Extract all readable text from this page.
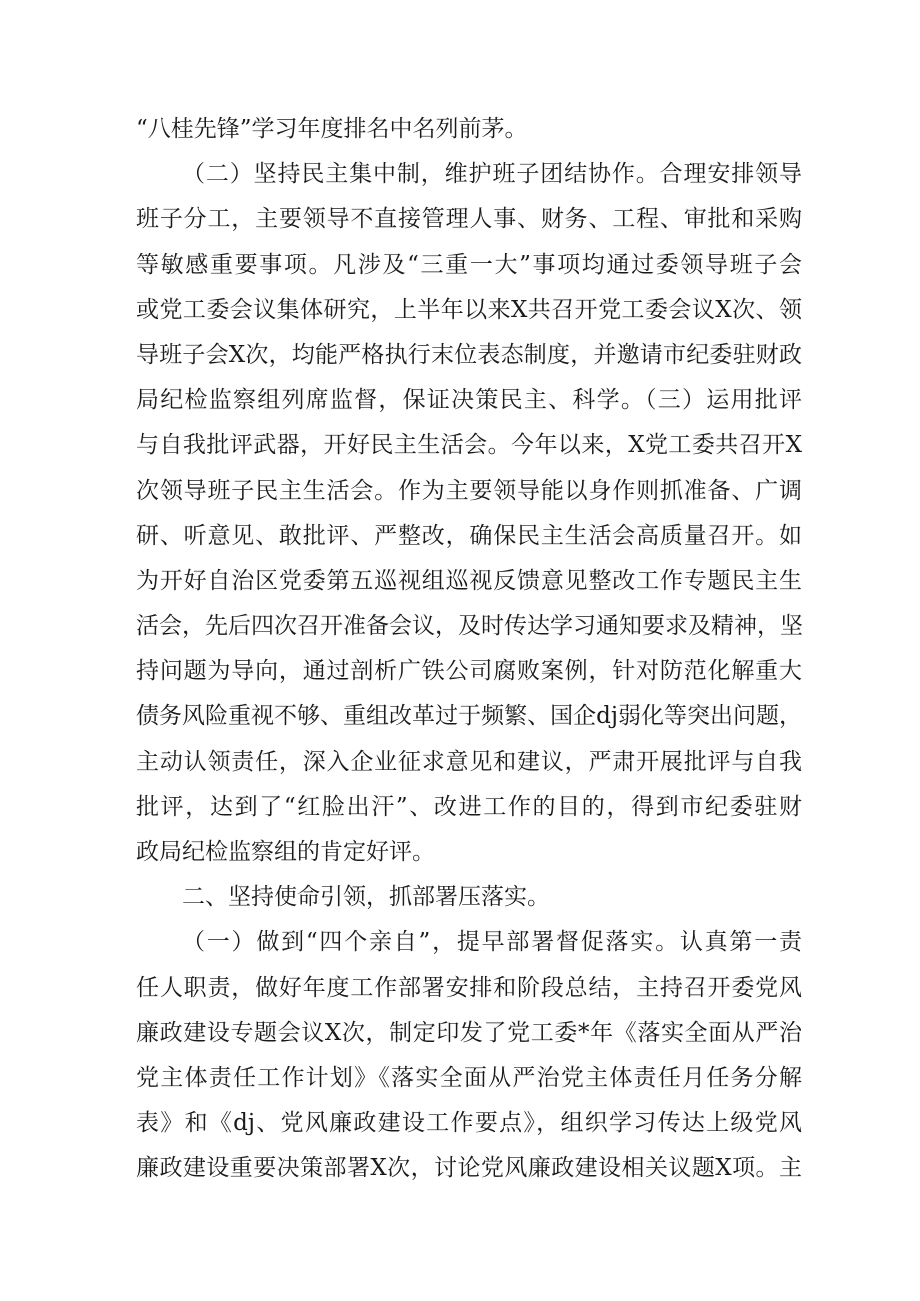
“八桂先锋”学习年度排名中名列前茅。
（二）坚持民主集中制，维护班子团结协作。合理安排领导
班子分工，主要领导不直接管理人事、财务、工程、审批和采购
等敏感重要事项。凡涉及“三重一大”事项均通过委领导班子会
或党工委会议集体研究，上半年以来X共召开党工委会议X次、领
导班子会X次，均能严格执行末位表态制度，并邀请市纪委驻财政
局纪检监察组列席监督，保证决策民主、科学。（三）运用批评
与自我批评武器，开好民主生活会。今年以来，X党工委共召开X
次领导班子民主生活会。作为主要领导能以身作则抓准备、广调
研、听意见、敢批评、严整改，确保民主生活会高质量召开。如
为开好自治区党委第五巡视组巡视反馈意见整改工作专题民主生
活会，先后四次召开准备会议，及时传达学习通知要求及精神，坚
持问题为导向，通过剖析广铁公司腐败案例，针对防范化解重大
债务风险重视不够、重组改革过于频繁、国企dj弱化等突出问题，
主动认领责任，深入企业征求意见和建议，严肃开展批评与自我
批评，达到了“红脸出汗”、改进工作的目的，得到市纪委驻财
政局纪检监察组的肯定好评。
二、坚持使命引领，抓部署压落实。
（一）做到“四个亲自”，提早部署督促落实。认真第一责
任人职责，做好年度工作部署安排和阶段总结，主持召开委党风
廉政建设专题会议X次，制定印发了党工委*年《落实全面从严治
党主体责任工作计划》《落实全面从严治党主体责任月任务分解
表》和《dj、党风廉政建设工作要点》，组织学习传达上级党风
廉政建设重要决策部署X次，讨论党风廉政建设相关议题X项。主
